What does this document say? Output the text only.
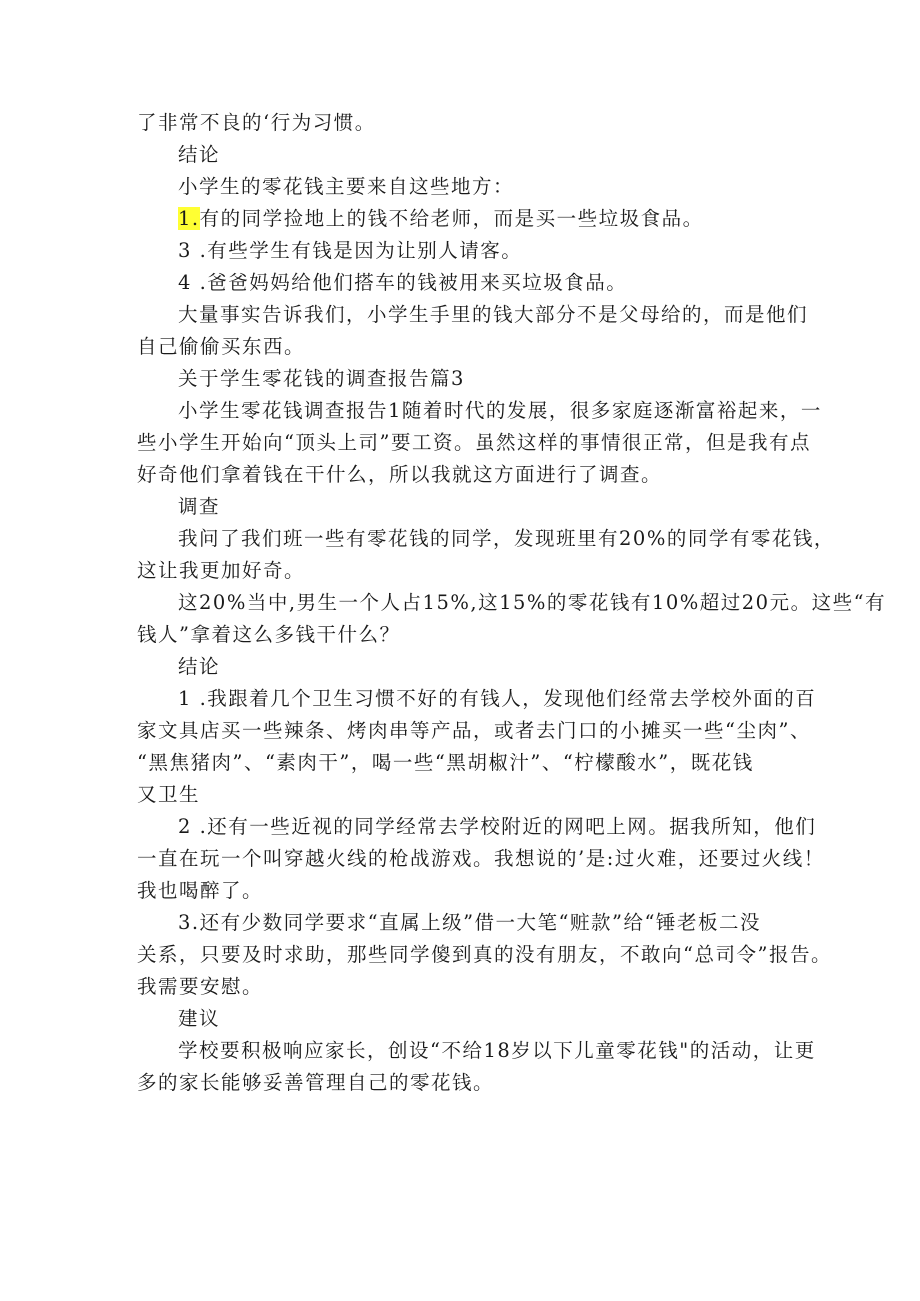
了非常不良的‘行为习惯。
结论
小学生的零花钱主要来自这些地方：
1.有的同学捡地上的钱不给老师，而是买一些垃圾食品。
3 .有些学生有钱是因为让别人请客。
4 .爸爸妈妈给他们搭车的钱被用来买垃圾食品。
大量事实告诉我们，小学生手里的钱大部分不是父母给的，而是他们
自己偷偷买东西。
关于学生零花钱的调查报告篇3
小学生零花钱调查报告1随着时代的发展，很多家庭逐渐富裕起来，一
些小学生开始向“顶头上司”要工资。虽然这样的事情很正常，但是我有点
好奇他们拿着钱在干什么，所以我就这方面进行了调查。
调查
我问了我们班一些有零花钱的同学，发现班里有20%的同学有零花钱，
这让我更加好奇。
这20%当中,男生一个人占15%,这15%的零花钱有10%超过20元。这些“有
钱人”拿着这么多钱干什么？
结论
1 .我跟着几个卫生习惯不好的有钱人，发现他们经常去学校外面的百
家文具店买一些辣条、烤肉串等产品，或者去门口的小摊买一些“尘肉”、
“黑焦猪肉”、“素肉干”，喝一些“黑胡椒汁”、“柠檬酸水”，既花钱
又卫生
2 .还有一些近视的同学经常去学校附近的网吧上网。据我所知，他们
一直在玩一个叫穿越火线的枪战游戏。我想说的’是:过火难，还要过火线！
我也喝醉了。
3.还有少数同学要求“直属上级”借一大笔“赃款”给“锤老板二没
关系，只要及时求助，那些同学傻到真的没有朋友，不敢向“总司令”报告。
我需要安慰。
建议
学校要积极响应家长，创设“不给18岁以下儿童零花钱"的活动，让更
多的家长能够妥善管理自己的零花钱。
